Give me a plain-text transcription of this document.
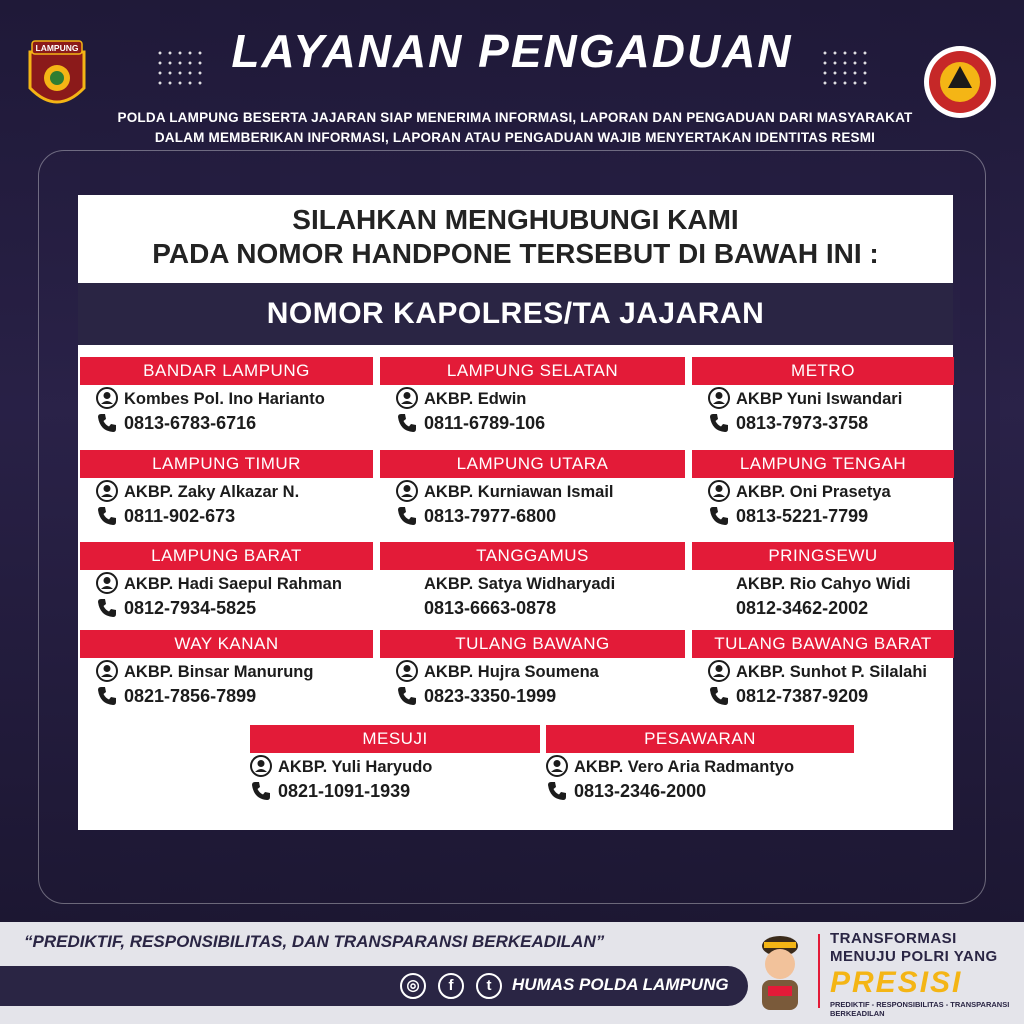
LAMPUNG	LAYANAN PENGADUAN
POLDA LAMPUNG BESERTA JAJARAN SIAP MENERIMA INFORMASI, LAPORAN DAN PENGADUAN DARI MASYARAKAT
DALAM MEMBERIKAN INFORMASI, LAPORAN ATAU PENGADUAN WAJIB MENYERTAKAN IDENTITAS RESMI
SILAHKAN MENGHUBUNGI KAMI
PADA NOMOR HANDPONE TERSEBUT DI BAWAH INI :
NOMOR KAPOLRES/TA JAJARAN
BANDAR LAMPUNG
Kombes Pol. Ino Harianto
0813-6783-6716
LAMPUNG SELATAN
AKBP. Edwin
0811-6789-106
METRO
AKBP Yuni Iswandari
0813-7973-3758
LAMPUNG TIMUR
AKBP. Zaky Alkazar N.
0811-902-673
LAMPUNG UTARA
AKBP. Kurniawan Ismail
0813-7977-6800
LAMPUNG TENGAH
AKBP. Oni Prasetya
0813-5221-7799
LAMPUNG BARAT
AKBP. Hadi Saepul Rahman
0812-7934-5825
TANGGAMUS
AKBP. Satya Widharyadi
0813-6663-0878
PRINGSEWU
AKBP. Rio Cahyo Widi
0812-3462-2002
WAY KANAN
AKBP. Binsar Manurung
0821-7856-7899
TULANG BAWANG
AKBP. Hujra Soumena
0823-3350-1999
TULANG BAWANG BARAT
AKBP. Sunhot P. Silalahi
0812-7387-9209
MESUJI
AKBP. Yuli Haryudo
0821-1091-1939
PESAWARAN
AKBP. Vero Aria Radmantyo
0813-2346-2000
“PREDIKTIF, RESPONSIBILITAS, DAN TRANSPARANSI BERKEADILAN”
◎	f	t	HUMAS POLDA LAMPUNG
TRANSFORMASI
MENUJU POLRI YANG
PRESISI
PREDIKTIF - RESPONSIBILITAS - TRANSPARANSI BERKEADILAN
